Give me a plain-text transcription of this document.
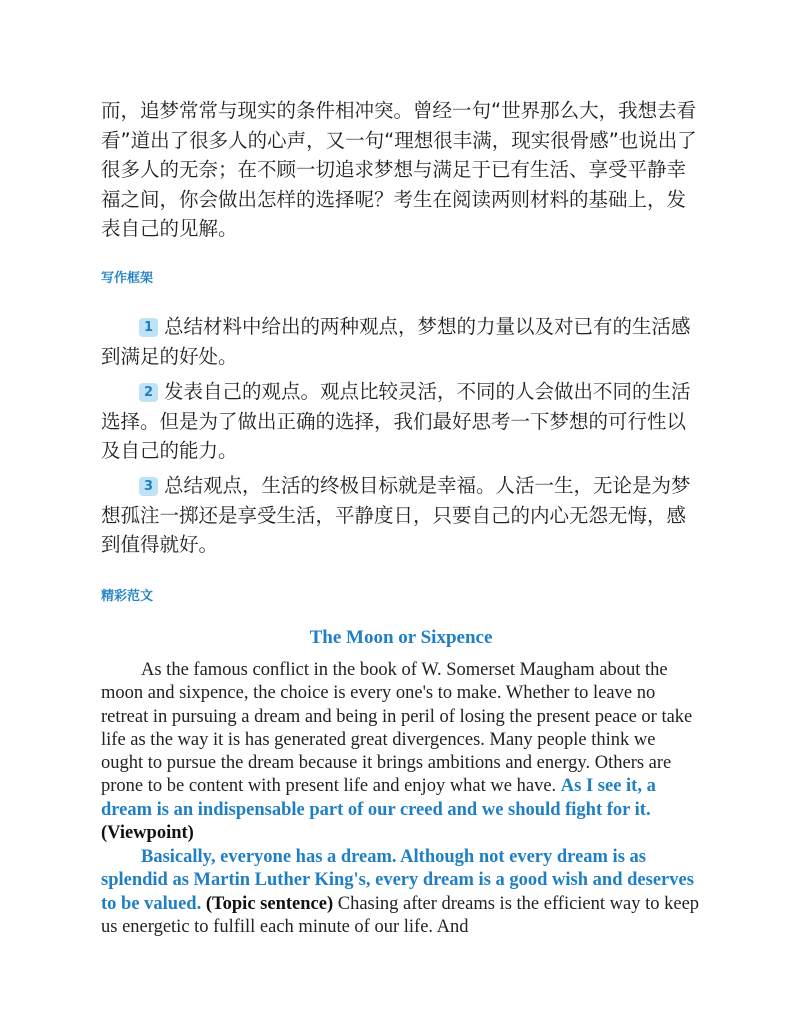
而，追梦常常与现实的条件相冲突。曾经一句“世界那么大，我想去看看”道出了很多人的心声，又一句“理想很丰满，现实很骨感”也说出了很多人的无奈；在不顾一切追求梦想与满足于已有生活、享受平静幸福之间，你会做出怎样的选择呢？考生在阅读两则材料的基础上，发表自己的见解。

写作框架

1 总结材料中给出的两种观点，梦想的力量以及对已有的生活感到满足的好处。

2 发表自己的观点。观点比较灵活，不同的人会做出不同的生活选择。但是为了做出正确的选择，我们最好思考一下梦想的可行性以及自己的能力。

3 总结观点，生活的终极目标就是幸福。人活一生，无论是为梦想孤注一掷还是享受生活，平静度日，只要自己的内心无怨无悔，感到值得就好。

精彩范文
The Moon or Sixpence

As the famous conflict in the book of W. Somerset Maugham about the moon and sixpence, the choice is every one's to make. Whether to leave no retreat in pursuing a dream and being in peril of losing the present peace or take life as the way it is has generated great divergences. Many people think we ought to pursue the dream because it brings ambitions and energy. Others are prone to be content with present life and enjoy what we have. As I see it, a dream is an indispensable part of our creed and we should fight for it. (Viewpoint)

Basically, everyone has a dream. Although not every dream is as splendid as Martin Luther King's, every dream is a good wish and deserves to be valued. (Topic sentence) Chasing after dreams is the efficient way to keep us energetic to fulfill each minute of our life. And
